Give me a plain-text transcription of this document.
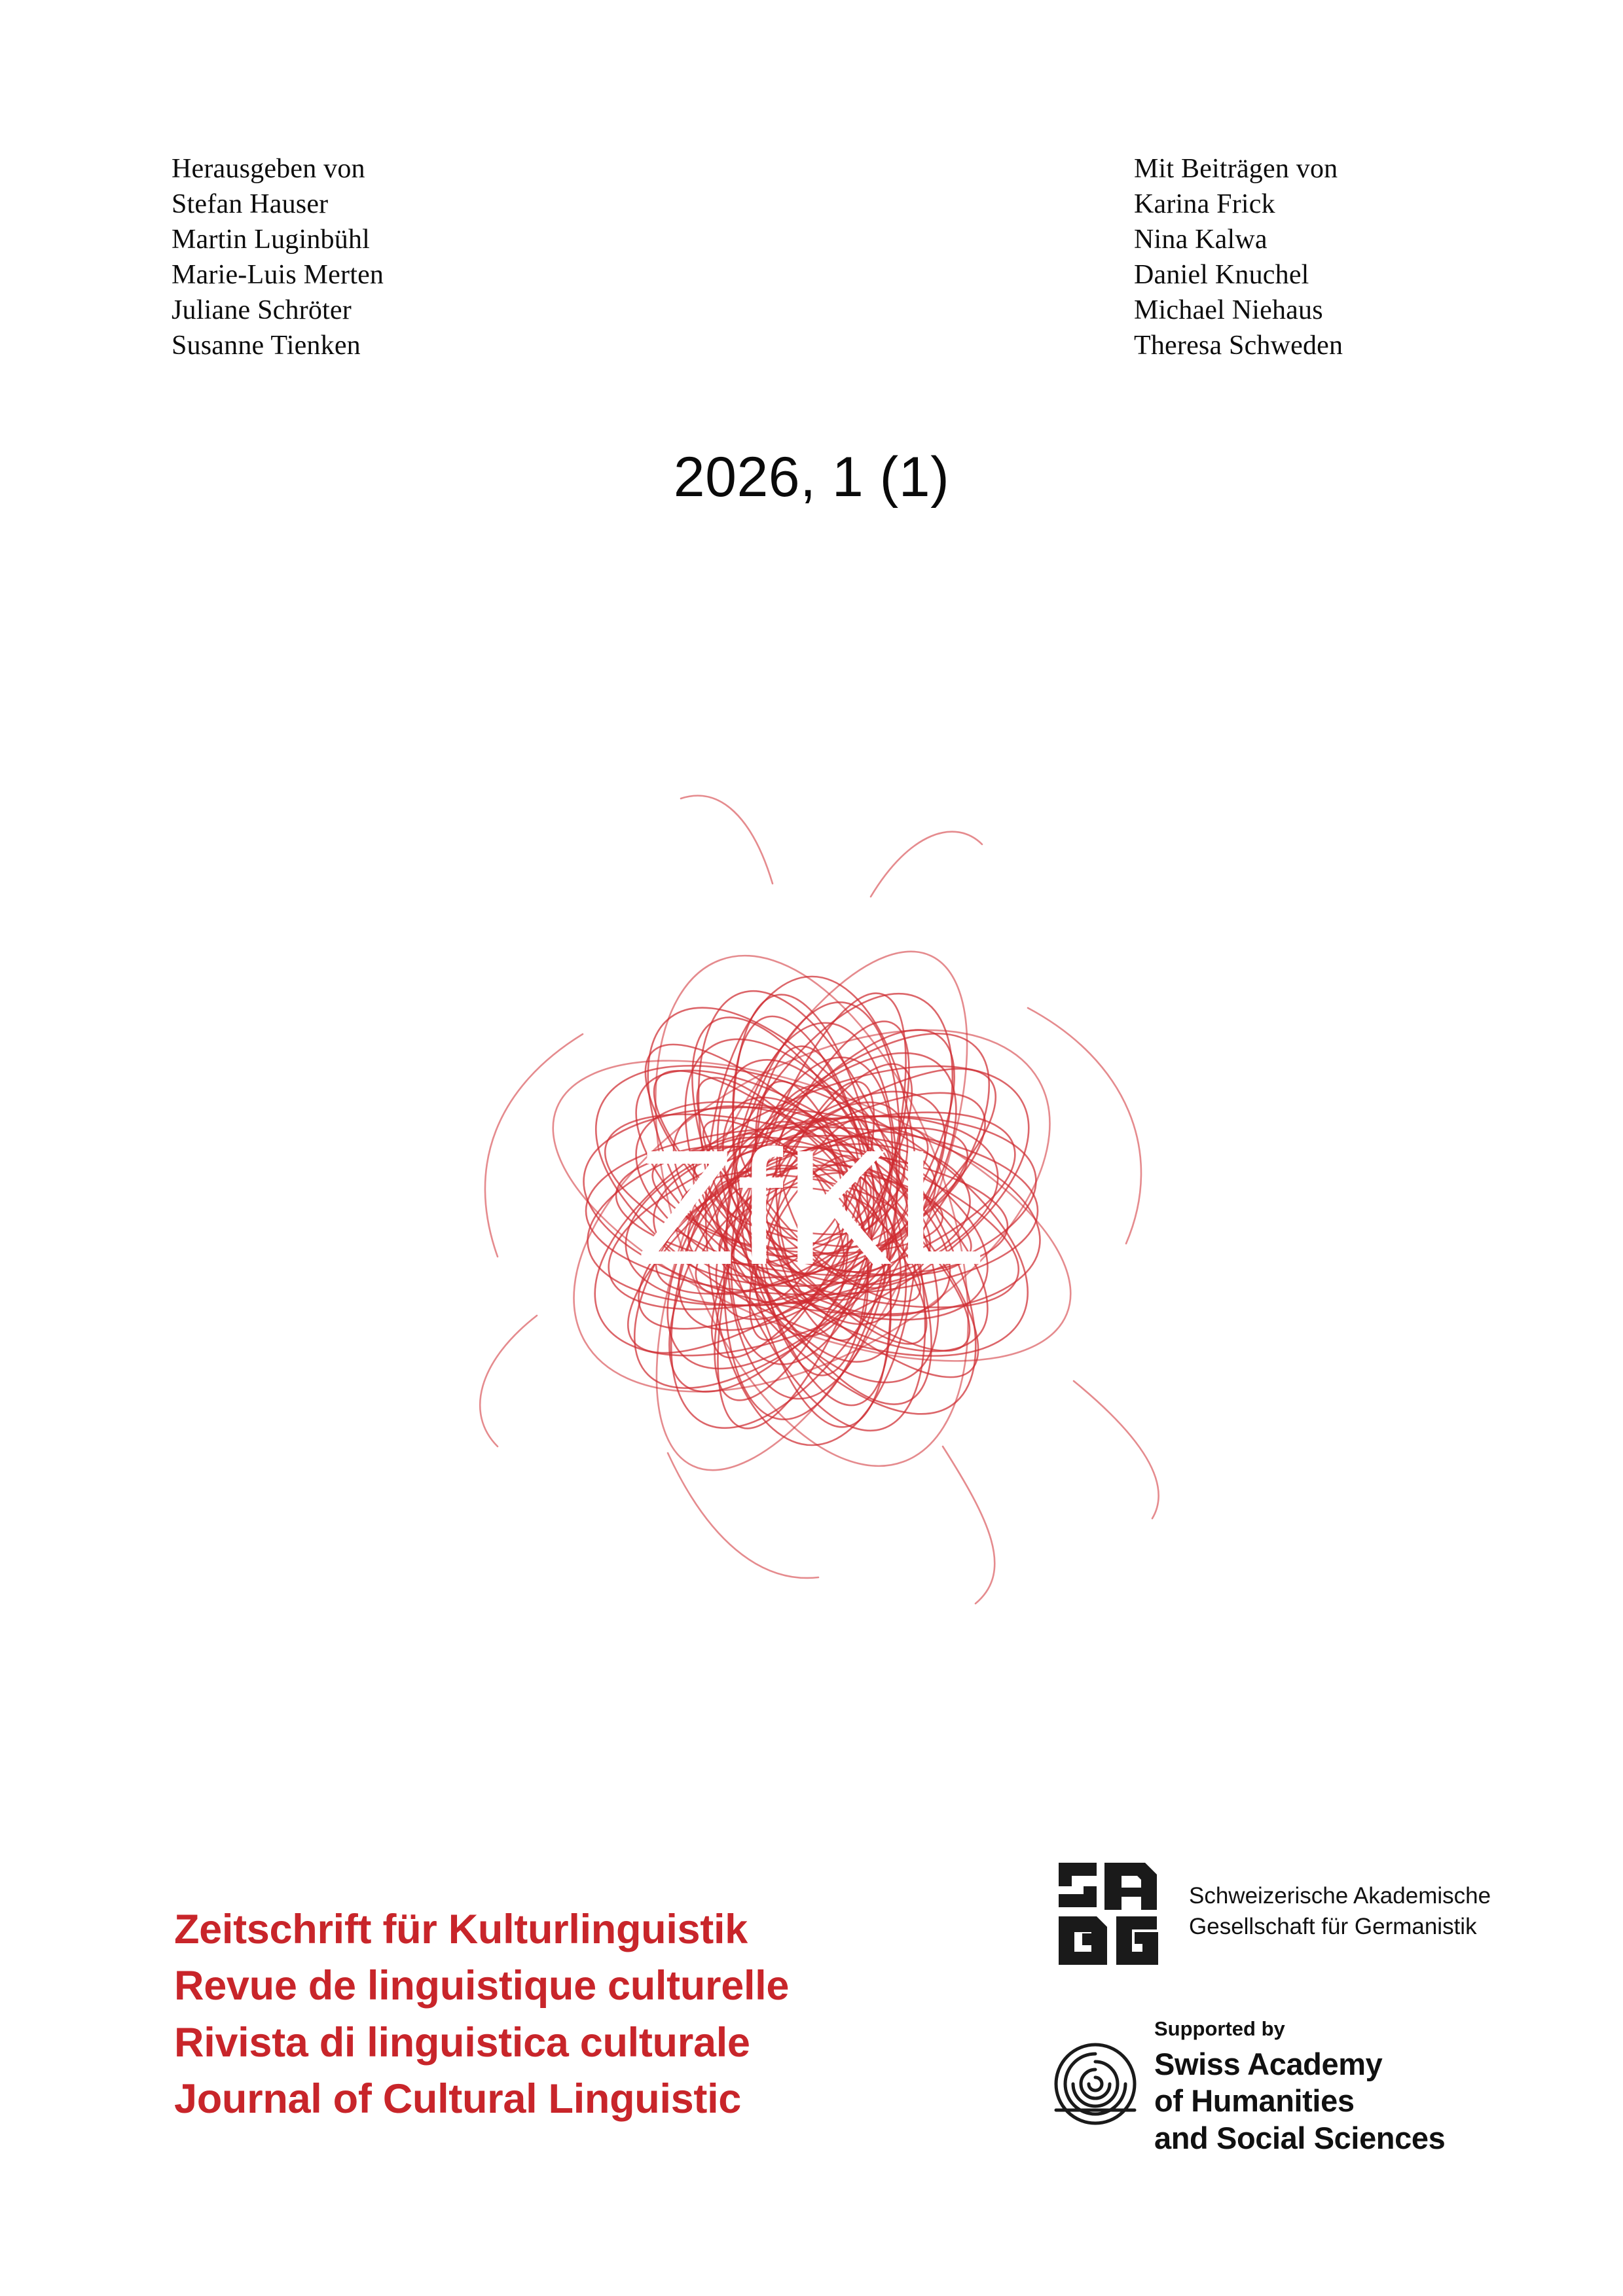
Herausgeben von
Stefan Hauser
Martin Luginbühl
Marie-Luis Merten
Juliane Schröter
Susanne Tienken
Mit Beiträgen von
Karina Frick
Nina Kalwa
Daniel Knuchel
Michael Niehaus
Theresa Schweden
2026, 1 (1)
ZfKL
Zeitschrift für Kulturlinguistik
Revue de linguistique culturelle
Rivista di linguistica culturale
Journal of Cultural Linguistic
Schweizerische Akademische
Gesellschaft für Germanistik
Supported by
Swiss Academy
of Humanities
and Social Sciences
